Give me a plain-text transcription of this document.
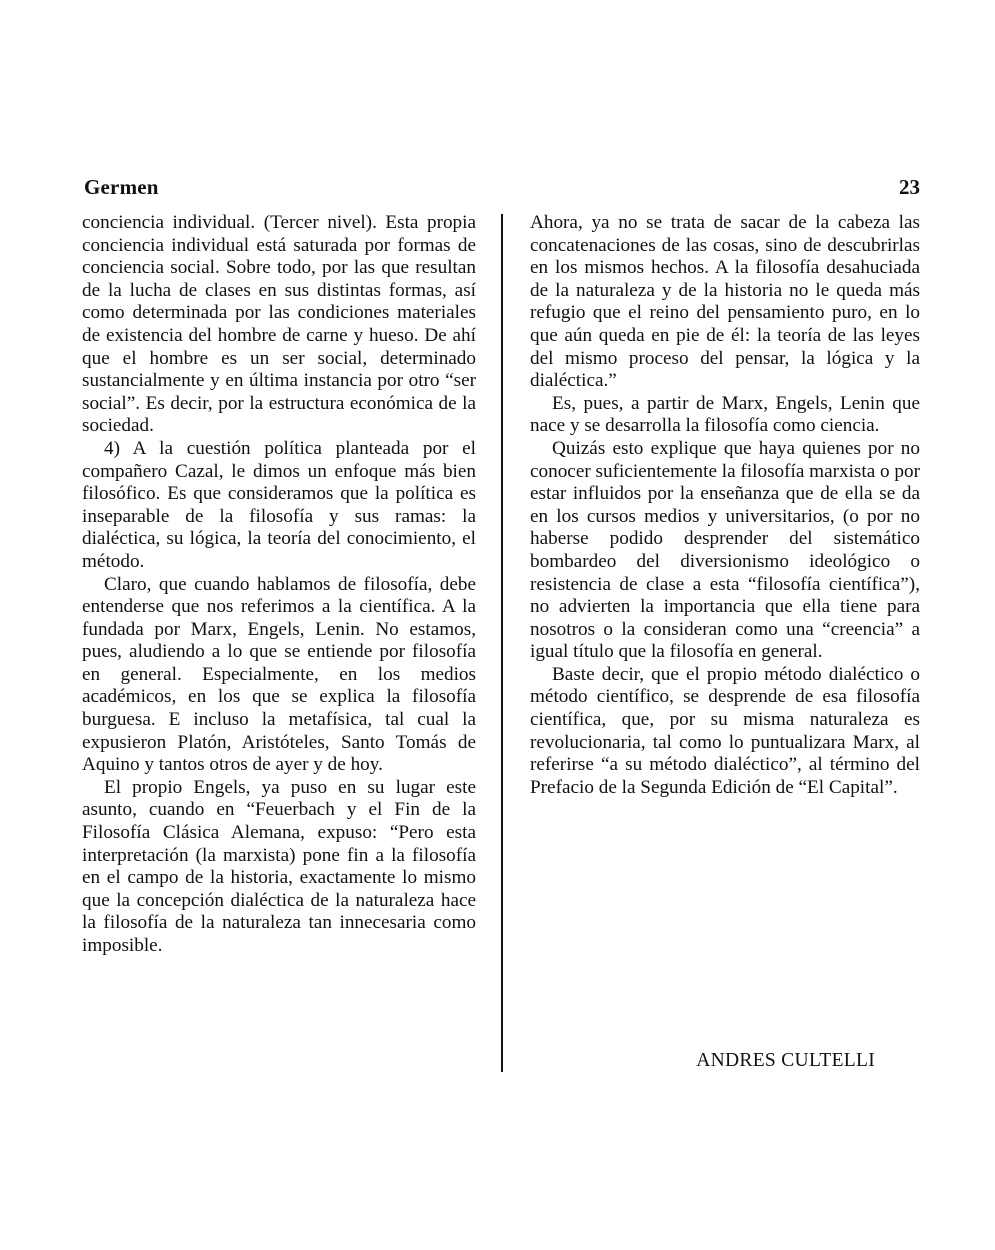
Germen	23

conciencia individual. (Tercer nivel). Esta propia conciencia individual está saturada por formas de conciencia social. Sobre todo, por las que resultan de la lucha de clases en sus distintas formas, así como determinada por las condiciones materiales de existencia del hombre de carne y hueso. De ahí que el hombre es un ser social, determinado sustancialmente y en última instancia por otro “ser social”. Es decir, por la estructura económica de la sociedad.

4) A la cuestión política planteada por el compañero Cazal, le dimos un enfoque más bien filosófico. Es que consideramos que la política es inseparable de la filosofía y sus ramas: la dialéctica, su lógica, la teoría del conocimiento, el método.

Claro, que cuando hablamos de filosofía, debe entenderse que nos referimos a la científica. A la fundada por Marx, Engels, Lenin. No estamos, pues, aludiendo a lo que se entiende por filosofía en general. Especialmente, en los medios académicos, en los que se explica la filosofía burguesa. E incluso la metafísica, tal cual la expusieron Platón, Aristóteles, Santo Tomás de Aquino y tantos otros de ayer y de hoy.

El propio Engels, ya puso en su lugar este asunto, cuando en “Feuerbach y el Fin de la Filosofía Clásica Alemana, expuso: “Pero esta interpretación (la marxista) pone fin a la filosofía en el campo de la historia, exactamente lo mismo que la concepción dialéctica de la naturaleza hace la filosofía de la naturaleza tan innecesaria como imposible.

Ahora, ya no se trata de sacar de la cabeza las concatenaciones de las cosas, sino de descubrirlas en los mismos hechos. A la filosofía desahuciada de la naturaleza y de la historia no le queda más refugio que el reino del pensamiento puro, en lo que aún queda en pie de él: la teoría de las leyes del mismo proceso del pensar, la lógica y la dialéctica.”

Es, pues, a partir de Marx, Engels, Lenin que nace y se desarrolla la filosofía como ciencia.

Quizás esto explique que haya quienes por no conocer suficientemente la filosofía marxista o por estar influidos por la enseñanza que de ella se da en los cursos medios y universitarios, (o por no haberse podido desprender del sistemático bombardeo del diversionismo ideológico o resistencia de clase a esta “filosofía científica”), no advierten la importancia que ella tiene para nosotros o la consideran como una “creencia” a igual título que la filosofía en general.

Baste decir, que el propio método dialéctico o método científico, se desprende de esa filosofía científica, que, por su misma naturaleza es revolucionaria, tal como lo puntualizara Marx, al referirse “a su método dialéctico”, al término del Prefacio de la Segunda Edición de “El Capital”.

ANDRES CULTELLI
